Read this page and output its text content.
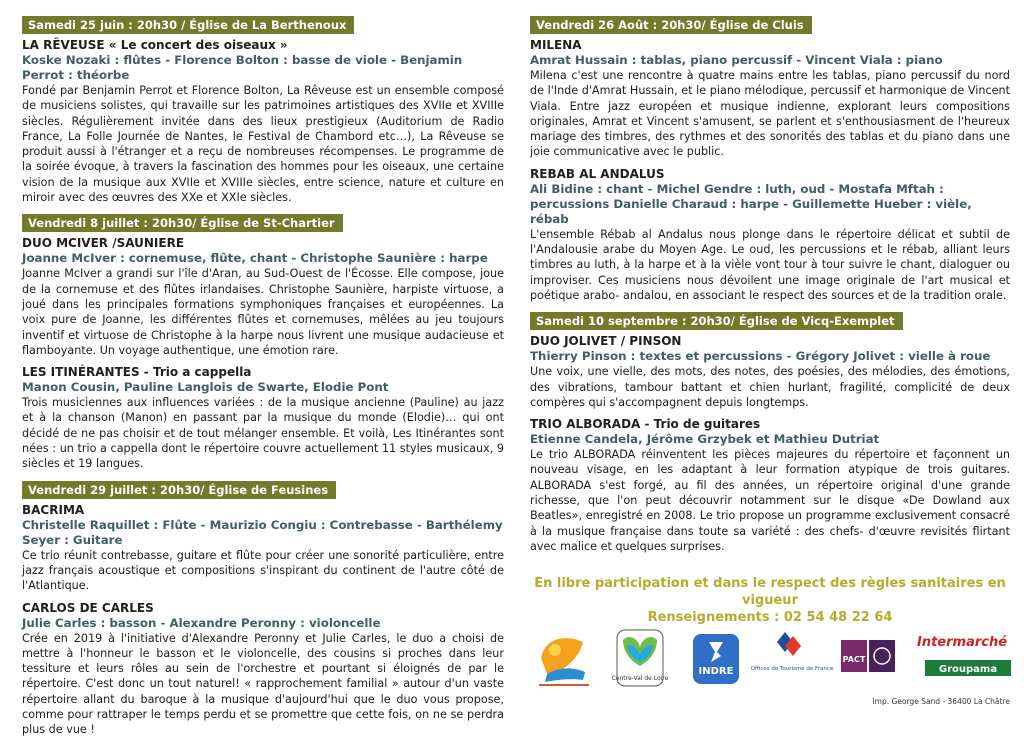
Samedi 25 juin : 20h30 / Église de La Berthenoux

LA RÊVEUSE « Le concert des oiseaux »

Koske Nozaki : flûtes - Florence Bolton : basse de viole - Benjamin Perrot : théorbe

Fondé par Benjamin Perrot et Florence Bolton, La Rêveuse est un ensemble composé de musiciens solistes, qui travaille sur les patrimoines artistiques des XVIIe et XVIIIe siècles. Régulièrement invitée dans des lieux prestigieux (Auditorium de Radio France, La Folle Journée de Nantes, le Festival de Chambord etc…), La Rêveuse se produit aussi à l'étranger et a reçu de nombreuses récompenses. Le programme de la soirée évoque, à travers la fascination des hommes pour les oiseaux, une certaine vision de la musique aux XVIIe et XVIIIe siècles, entre science, nature et culture en miroir avec des œuvres des XXe et XXIe siècles.

Vendredi 8 juillet : 20h30/ Église de St-Chartier

DUO MCIVER /SAUNIERE

Joanne McIver : cornemuse, flûte, chant - Christophe Saunière : harpe

Joanne McIver a grandi sur l'île d'Aran, au Sud-Ouest de l'Écosse. Elle compose, joue de la cornemuse et des flûtes irlandaises. Christophe Saunière, harpiste virtuose, a joué dans les principales formations symphoniques françaises et européennes. La voix pure de Joanne, les différentes flûtes et cornemuses, mêlées au jeu toujours inventif et virtuose de Christophe à la harpe nous livrent une musique audacieuse et flamboyante. Un voyage authentique, une émotion rare.

LES ITINÉRANTES - Trio a cappella

Manon Cousin, Pauline Langlois de Swarte, Elodie Pont

Trois musiciennes aux influences variées : de la musique ancienne (Pauline) au jazz et à la chanson (Manon) en passant par la musique du monde (Elodie)… qui ont décidé de ne pas choisir et de tout mélanger ensemble. Et voilà, Les Itinérantes sont nées : un trio a cappella dont le répertoire couvre actuellement 11 styles musicaux, 9 siècles et 19 langues.

Vendredi 29 juillet : 20h30/ Église de Feusines

BACRIMA

Christelle Raquillet : Flûte - Maurizio Congiu : Contrebasse - Barthélemy Seyer : Guitare

Ce trio réunit contrebasse, guitare et flûte pour créer une sonorité particulière, entre jazz français acoustique et compositions s'inspirant du continent de l'autre côté de l'Atlantique.

CARLOS DE CARLES

Julie Carles : basson - Alexandre Peronny : violoncelle

Crée en 2019 à l'initiative d'Alexandre Peronny et Julie Carles, le duo a choisi de mettre à l'honneur le basson et le violoncelle, des cousins si proches dans leur tessiture et leurs rôles au sein de l'orchestre et pourtant si éloignés de par le répertoire. C'est donc un tout naturel! « rapprochement familial » autour d'un vaste répertoire allant du baroque à la musique d'aujourd'hui que le duo vous propose, comme pour rattraper le temps perdu et se promettre que cette fois, on ne se perdra plus de vue !

Vendredi 26 Août : 20h30/ Église de Cluis

MILENA

Amrat Hussain : tablas, piano percussif - Vincent Viala : piano

Milena c'est une rencontre à quatre mains entre les tablas, piano percussif du nord de l'Inde d'Amrat Hussain, et le piano mélodique, percussif et harmonique de Vincent Viala. Entre jazz européen et musique indienne, explorant leurs compositions originales, Amrat et Vincent s'amusent, se parlent et s'enthousiasment de l'heureux mariage des timbres, des rythmes et des sonorités des tablas et du piano dans une joie communicative avec le public.

REBAB AL ANDALUS

Ali Bidine : chant - Michel Gendre : luth, oud - Mostafa Mftah : percussions Danielle Charaud : harpe - Guillemette Hueber : vièle, rébab

L'ensemble Rébab al Andalus nous plonge dans le répertoire délicat et subtil de l'Andalousie arabe du Moyen Age. Le oud, les percussions et le rébab, alliant leurs timbres au luth, à la harpe et à la vièle vont tour à tour suivre le chant, dialoguer ou improviser. Ces musiciens nous dévoilent une image originale de l'art musical et poétique arabo- andalou, en associant le respect des sources et de la tradition orale.

Samedi 10 septembre : 20h30/ Église de Vicq-Exemplet

DUO JOLIVET / PINSON

Thierry Pinson : textes et percussions - Grégory Jolivet : vielle à roue

Une voix, une vielle, des mots, des notes, des poésies, des mélodies, des émotions, des vibrations, tambour battant et chien hurlant, fragilité, complicité de deux compères qui s'accompagnent depuis longtemps.

TRIO ALBORADA - Trio de guitares

Etienne Candela, Jérôme Grzybek et Mathieu Dutriat

Le trio ALBORADA réinventent les pièces majeures du répertoire et façonnent un nouveau visage, en les adaptant à leur formation atypique de trois guitares. ALBORADA s'est forgé, au fil des années, un répertoire original d'une grande richesse, que l'on peut découvrir notamment sur le disque «De Dowland aux Beatles», enregistré en 2008. Le trio propose un programme exclusivement consacré à la musique française dans toute sa variété : des chefs- d'œuvre revisités flirtant avec malice et quelques surprises.

En libre participation et dans le respect des règles sanitaires en vigueur
Renseignements : 02 54 48 22 64
Centre-Val de Loire
INDRE	Offices de Tourisme de France
PACT
Intermarché
Groupama
Imp. George Sand - 36400 La Châtre
